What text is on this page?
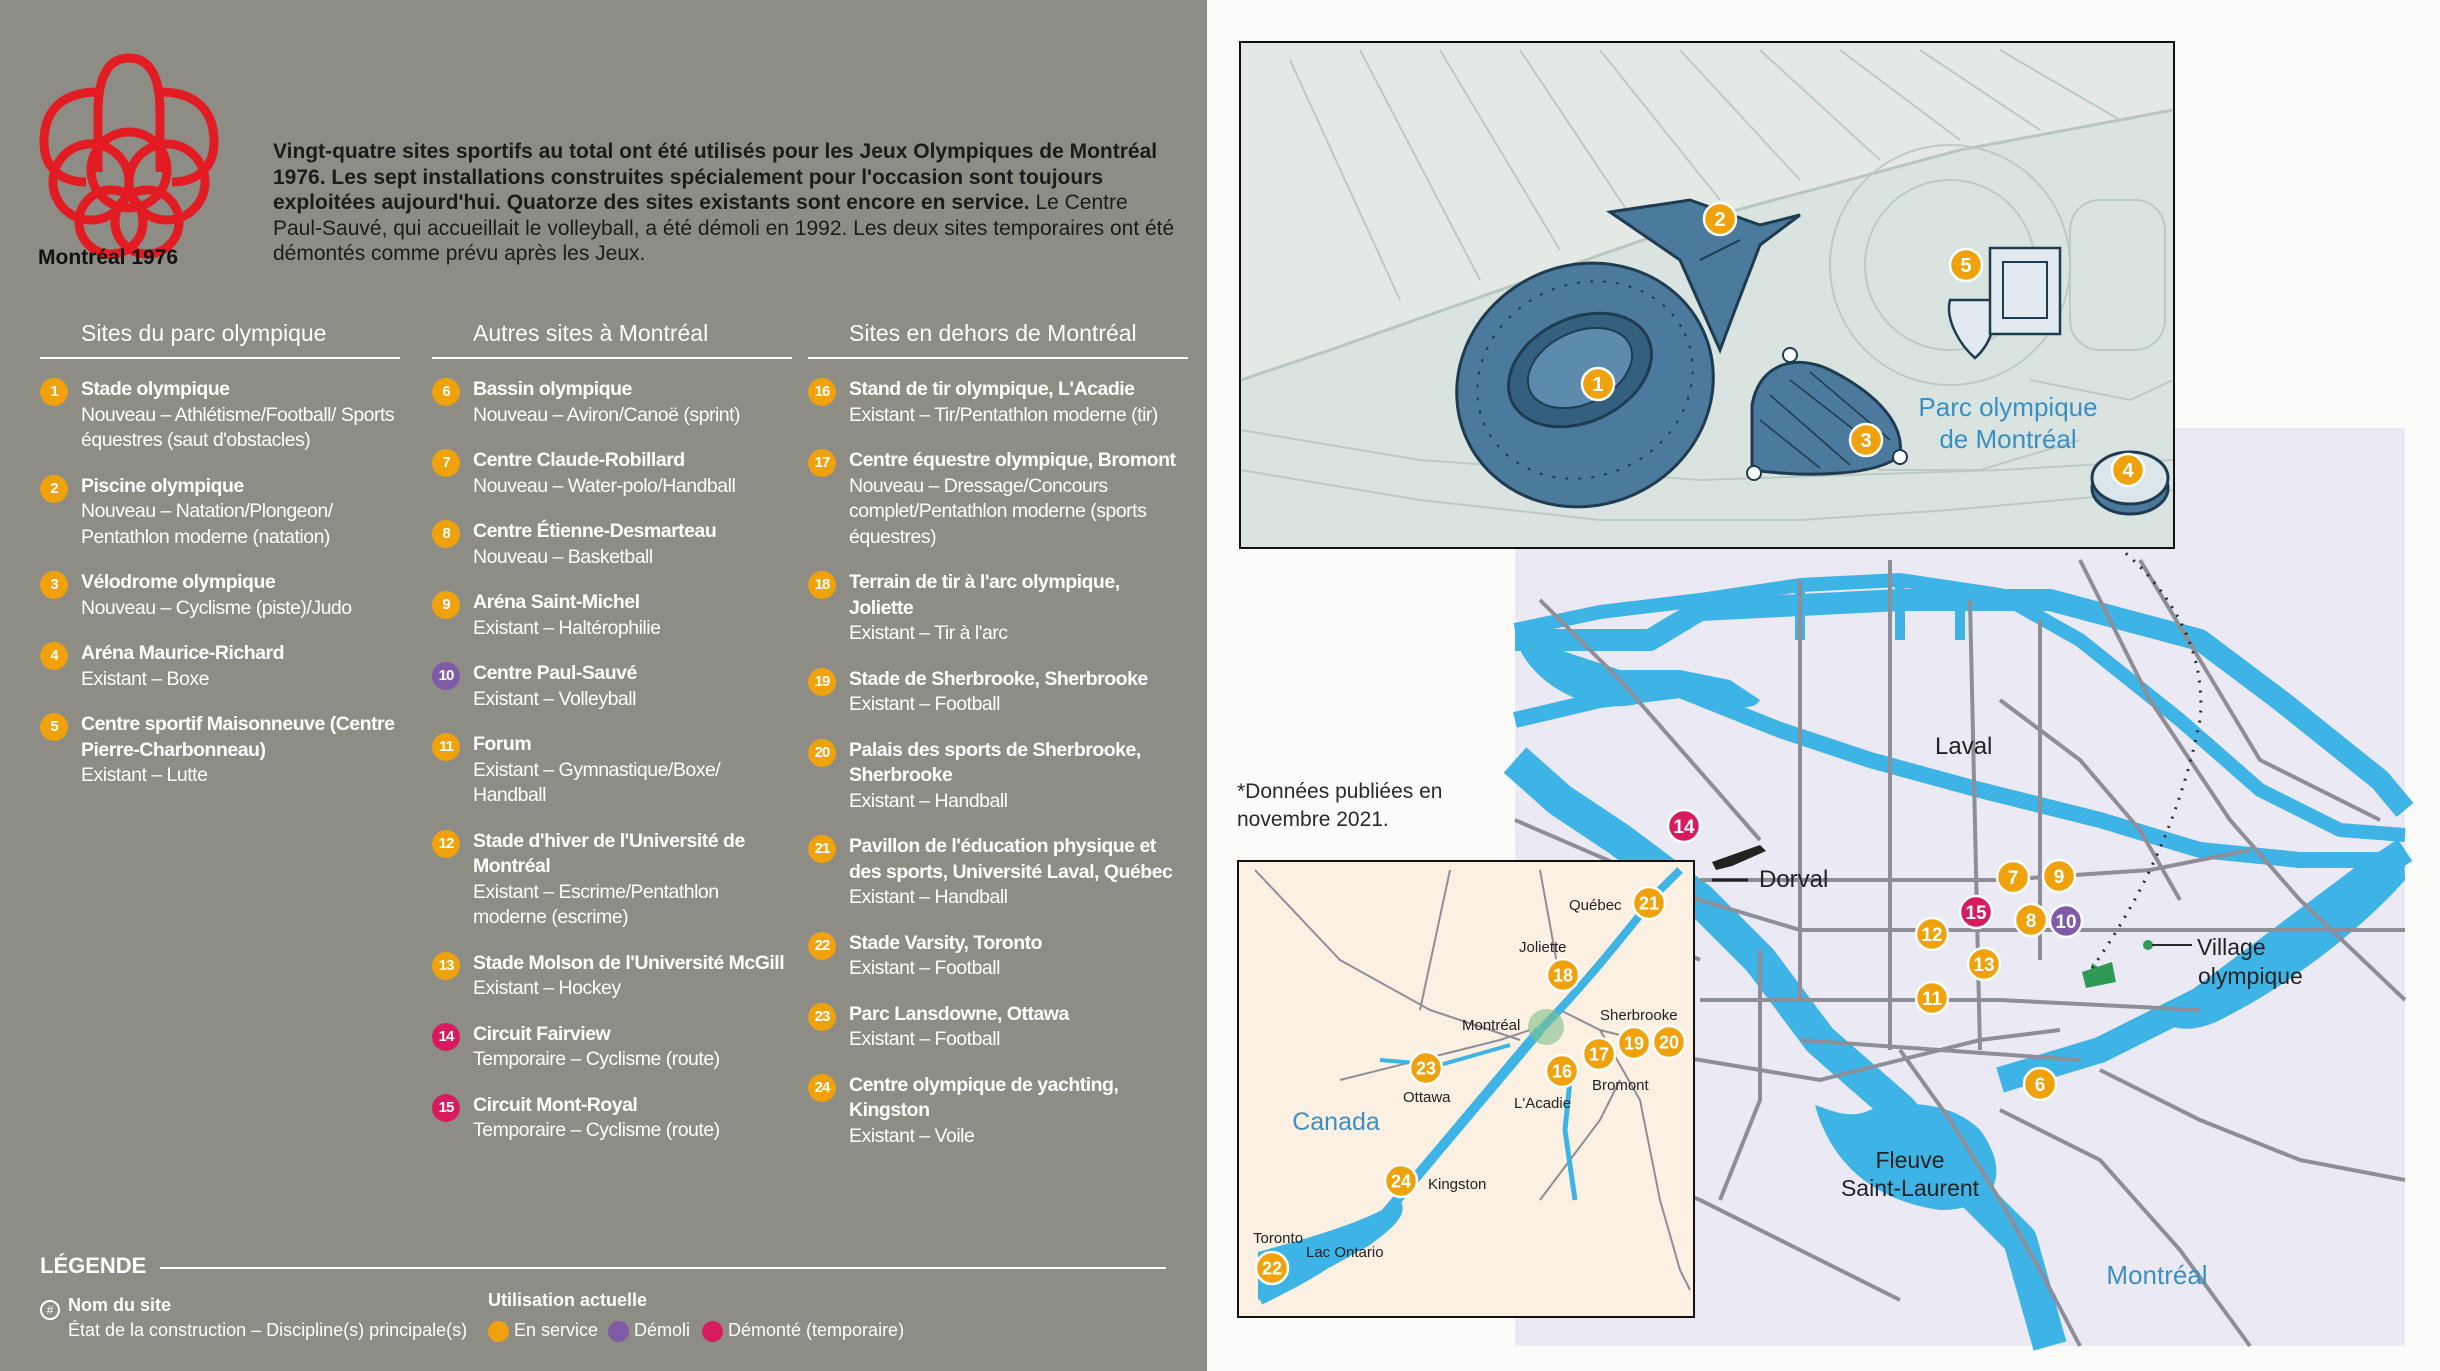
Montréal 1976
Vingt-quatre sites sportifs au total ont été utilisés pour les Jeux Olympiques de Montréal 1976. Les sept installations construites spécialement pour l'occasion sont toujours exploitées aujourd'hui. Quatorze des sites existants sont encore en service. Le Centre Paul-Sauvé, qui accueillait le volleyball, a été démoli en 1992. Les deux sites temporaires ont été démontés comme prévu après les Jeux.
Sites du parc olympique
1	Stade olympique
Nouveau – Athlétisme/Football/ Sports équestres (saut d'obstacles)
2	Piscine olympique
Nouveau – Natation/Plongeon/ Pentathlon moderne (natation)
3	Vélodrome olympique
Nouveau – Cyclisme (piste)/Judo
4	Aréna Maurice-Richard
Existant – Boxe
5	Centre sportif Maisonneuve (Centre Pierre-Charbonneau)
Existant – Lutte
Autres sites à Montréal
6	Bassin olympique
Nouveau – Aviron/Canoë (sprint)
7	Centre Claude-Robillard
Nouveau – Water-polo/Handball
8	Centre Étienne-Desmarteau
Nouveau – Basketball
9	Aréna Saint-Michel
Existant – Haltérophilie
10	Centre Paul-Sauvé
Existant – Volleyball
11	Forum
Existant – Gymnastique/Boxe/ Handball
12	Stade d'hiver de l'Université de Montréal
Existant – Escrime/Pentathlon moderne (escrime)
13	Stade Molson de l'Université McGill
Existant – Hockey
14	Circuit Fairview
Temporaire – Cyclisme (route)
15	Circuit Mont-Royal
Temporaire – Cyclisme (route)
Sites en dehors de Montréal
16	Stand de tir olympique, L'Acadie
Existant – Tir/Pentathlon moderne (tir)
17	Centre équestre olympique, Bromont
Nouveau – Dressage/Concours complet/Pentathlon moderne (sports équestres)
18	Terrain de tir à l'arc olympique, Joliette
Existant – Tir à l'arc
19	Stade de Sherbrooke, Sherbrooke
Existant – Football
20	Palais des sports de Sherbrooke, Sherbrooke
Existant – Handball
21	Pavillon de l'éducation physique et des sports, Université Laval, Québec
Existant – Handball
22	Stade Varsity, Toronto
Existant – Football
23	Parc Lansdowne, Ottawa
Existant – Football
24	Centre olympique de yachting, Kingston
Existant – Voile
LÉGENDE
# Nom du site
État de la construction – Discipline(s) principale(s)
Utilisation actuelle
En service	Démoli	Démonté (temporaire)
Laval
Dorval
Village
olympique
Fleuve
Saint-Laurent
Montréal
6
7
8
9
10
11
12
13
14
15
Parc olympique
de Montréal
1
2
3
4
5
Québec
Joliette
Montréal
Sherbrooke
Ottawa	L'Acadie
Bromont
Kingston
Toronto
Lac Ontario
Canada
16
17
18
19 20
21
22
23
24
*Données publiées en novembre 2021.
